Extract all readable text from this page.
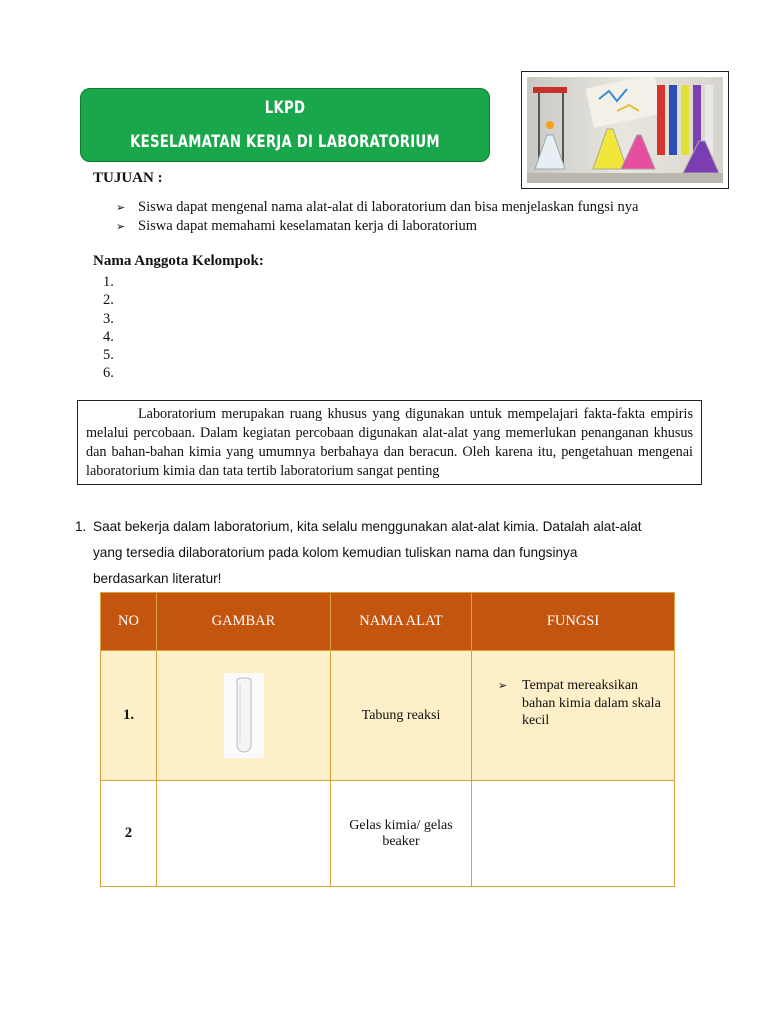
LKPD
KESELAMATAN KERJA DI LABORATORIUM
TUJUAN :
➢ Siswa dapat mengenal nama alat-alat di laboratorium dan bisa menjelaskan fungsi nya
➢ Siswa dapat memahami keselamatan kerja di laboratorium
Nama Anggota Kelompok:
1.
2.
3.
4.
5.
6.
Laboratorium merupakan ruang khusus yang digunakan untuk mempelajari fakta-fakta empiris melalui percobaan. Dalam kegiatan percobaan digunakan alat-alat yang memerlukan penanganan khusus dan bahan-bahan kimia yang umumnya berbahaya dan beracun. Oleh karena itu, pengetahuan mengenai laboratorium kimia dan tata tertib laboratorium sangat penting
1. Saat bekerja dalam laboratorium, kita selalu menggunakan alat-alat kimia. Datalah alat-alat
yang tersedia dilaboratorium pada kolom kemudian tuliskan nama dan fungsinya
berdasarkan literatur!
NO	GAMBAR	NAMA ALAT	FUNGSI
1.		Tabung reaksi	➢ Tempat mereaksikan bahan kimia dalam skala kecil

2		Gelas kimia/ gelas beaker	
